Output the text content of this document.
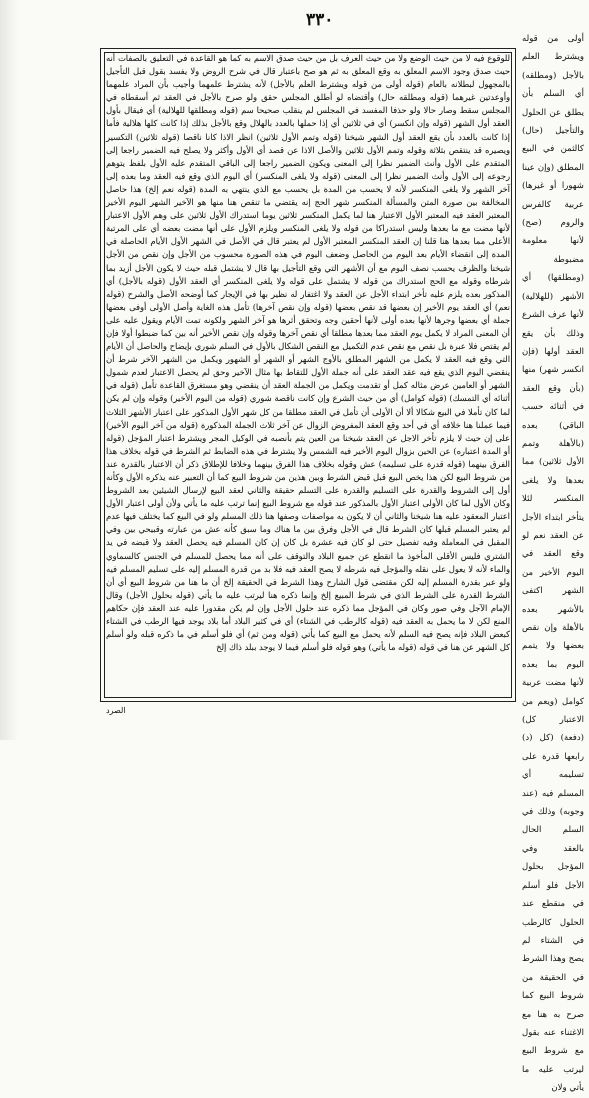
٣٣٠

للوقوع فيه لا من حيث الوضع ولا من حيث العرف بل من حيث صدق الاسم به كما هو القاعدة في التعليق بالصفات أنه حيث صدق وجود الاسم المعلق به وقع المعلق به ثم هو صح باعتبار قال في شرح الروض ولا يفسد بقول قبل التأجيل بالمجهول لبطلانه بالعام (قوله أولى من قوله ويشترط العلم بالأجل) لأنه يشترط علمهما وأجيب بأن المراد علمهما وأوعدتين غيرهما (قوله ومطلقه حال) وأقتضاه لو أطلق المجلس حقق ولو صرح بالأجل في العقد ثم أسقطاه في المجلس سقط وصار حالا ولو حذفا المفسد في المجلس لم ينقلب صحيحا سم (قوله ومطلقها للهلالية) أي فيقال بأول العقد أول الشهر (قوله وإن انكسر) أي في ثلاثين أي إذا حملها بالعدد بالهلال وقع بالأجل بذلك إذا كانت كلها هلالية فأما إذا كانت بالعدد بأن يقع العقد أول الشهر شيخنا (قوله وتمم الأول ثلاثين) انظر الاذا كانا ناقصا (قوله ثلاثين) التكسير ويصيره قد ينتقص بثلاثة وقوله وتمم الأول ثلاثين والأصل الاذا عن قصد أي الأول وأكثر ولا يصلح فيه الضمير راجعا إلى المتقدم على الأول وأنث الضمير نظرا إلى المعنى ويكون الضمير راجعا إلى الباقي المتقدم عليه الأول بلفظ يتوهم رجوعه إلى الأول وأنث الضمير نظرا إلى المعنى (قوله ولا يلغى المنكسر) أي اليوم الذي وقع فيه العقد وما بعده إلى آخر الشهر ولا يلغى المنكسر لأنه لا يحسب من المدة بل يحسب مع الذي ينتهي به المدة (قوله نعم إلخ) هذا حاصل المخالفة بين صورة المتن والمسألة المنكسر شهر الحج إنه يقتضي ما تنقص هنا منها هو الآخير الشهر اليوم الأخير المعتبر العقد فيه المعتبر الأول الاعتبار هنا لما يكمل المنكسر ثلاثين يوما استدراك الأول ثلاثين على وهم الأول الاعتبار لأنها مضت مع ما بعدها وليس استدراكا من قوله ولا يلغى المنكسر ويلزم الأول على أنها مضت بعضه أي على المرتبة الأعلى مما بعدها هنا قلنا إن العقد المنكسر المعتبر الأول لم يعتبر قال في الأصل في الشهر الأول الأيام الحاصلة في المدة إلى انقضاء الأيام بعد اليوم من الحاصل وضعف اليوم في هذه الصورة محسوب من الأجل وإن نقص من الأجل شيخنا والظرف يحسب نصف اليوم مع أن الأشهر التي وقع التأجيل بها قال لا يشتمل قبله حيث لا يكون الأجل أزيد بما شرطاه وقوله مع الحج استدراك من قوله لا يشتمل على قوله ولا يلغى المنكسر أي العقد الأول (قوله بالأجل) أي المذكور بعده يلزم عليه تأخر ابتداء الأجل عن العقد ولا اغتفار له نظير بها في الإيجار كما أوضحه الأصل والشرح (قوله نعم) أي العقد يوم الأخير إن بعضها قد نقص بعضها (قوله وإن نقص آخرها) تأمل هذه الغاية وأصل الأولى أوفى بعضها جملة أي بعضها وجرها لأنها بعده أولى لأنها أحقين وجه وتحقق أثرها هو آخر الشهر ولكونه تمت الأيام ويقول عليه على أن المعنى المراد لا يكمل يوم العقد مما بعدها مطلقا أي نقص آخرها وقوله وإن نقص الأخير أنه بين كما ضبطوا أولا فإن لم يقتص فلا عبرة بل نقص مع نقص عدم التكميل مع النقص الشكال بالأول في السلم شوري بإيضاح والحاصل أن الأيام التي وقع فيه العقد لا يكمل من الشهر المطلق بالأوج الشهر أو الشهر أو الشهور ويكمل من الشهر الآخر شرط أن ينقضي اليوم الذي يقع فيه عقد العقد على أنه جملة الأول للتقاط بها مثال الآخير وحق لم يحصل الاعتبار لعدم شمول الشهر أو العامين عرض مثاله كمل أو تقدمت ويكمل من الجملة العقد أن ينقضي وهو مستغرق القاعدة تأمل (قوله في أثنائه أي التمسك) (قوله كوامل) أي من حيث الشرع وإن كانت ناقصة شوري (قوله من اليوم الأخير) وقوله وإن لم يكن لما كان تأملا في البيع شكالا ألا أن الأولى أن تأمل في العقد مطلقا من كل شهر الأول المذكور على اعتبار الأشهر الثلاث فيما عملنا هنا خلافه أي في أحد وقع العقد المفروض الزوال عن آخر ثلاث الجملة المذكورة (قوله من آخر اليوم الأخير) على إن حيث لا يلزم تأخر الاجل عن العقد شيخنا من العين يتم بأنصبه في الوكيل المجر ويشترط اعتبار المؤجل (قوله أو المدة اعتباره) عن الحين بزوال اليوم الأخير فيه الشمس ولا يشترط في هذه الضابط ثم الشرط في قوله بخلاف هذا الفرق بينهما (قوله قدرة على تسليمه) عش وقوله بخلاف هذا الفرق بينهما وخلافا للإطلاق ذكر أن الاعتبار بالقدرة عند من شروط البيع لكن هذا يخص البيع قبل قبض الشرط وبين هذين من شروط البيع كما أن التعبير عنه يذكره الأول وكأنه أول إلى الشروط والقدرة على التسليم والقدرة على التسلم حقيقة والثاني لعقد البيع لإرسال الشيئين بعد الشروط وكان الأول لما كان الأولى اعتبار الأول بالمذكور عند قوله مع شروط البيع إنما ترتب عليه ما يأتي ولأن أولى اعتبار الأول اعتبار المعقود عليه هنا شيخنا والثاني أن لا يكون به مواصفات وصفها هنا ذلك المسلم ولو في البيع كما يختلف فيها عدم لم يعتبر المسلم قبلها كان الشرط قال في الأجل وفرق بين ما هناك وما سبق كأنه عش من عبارته وقبيحي بين وفي المقبل في المعاملة وفيه تفصيل حتى لو كان فيه عشرة بل كان إن كان المسلم فيه يحصل العقد ولا قبضه في يد الشتري فليس الأقلى المأخوذ ما انقطع عن جميع البلاد والتوقف على أنه مما يحصل للمسلم في الجنس كالسماوي والماء لأنه لا يعول على نقله والمؤجل فيه شرطه لا يصح العقد فيه فلا بد من قدرة المسلم إليه على تسليم المسلم فيه ولو عبر بقدرة المسلم إليه لكن مقتضى قول الشارح وهذا الشرط في الحقيقة إلخ أن ما هنا من شروط البيع أي أن الشرط القدرة على الشرط الذي في شرط المبيع إلخ وإنما ذكره هنا ليرتب عليه ما يأتي (قوله بحلول الأجل) وقال الإمام الآجل وفي صور وكان في المؤجل مما ذكره عند حلول الأجل وإن لم يكن مقدورا عليه عند العقد فإن حكاهم المنع لكن لا ما يحمل به العقد فيه (قوله كالرطب في الشتاء) أي في كثير البلاد أما بلاد يوجد فيها الرطب في الشتاء كبعض البلاد فإنه يصح فيه السلم لأنه يحمل مع البيع كما يأتي (قوله ومن ثم) أي فلو أسلم في ما ذكره قبله ولو أسلم كل الشهر عن هنا في قوله (قوله ما يأتي) وهو قوله فلو أسلم فيما لا يوجد ببلد ذاك إلخ

أولى من قوله ويشترط العلم بالأجل (ومطلقه) أي السلم بأن يطلق عن الحلول والتأجيل (حال) كالثمن في البيع المطلق (وإن عينا شهورا أو غيرها) عربية كالفرس والروم (صح) لأنها معلومة مضبوطة (ومطلقها) أي الأشهر (للهلالية) لأنها عرف الشرع وذلك بأن يقع العقد أولها (فإن انكسر شهر) منها (بأن وقع العقد في أثنائه حسب الباقي) بعده (بالأهلة وتمم الأول ثلاثين) مما بعدها ولا يلغى المنكسر لئلا يتأخر ابتداء الأجل عن العقد نعم لو وقع العقد في اليوم الأخير من الشهر اكتفى بالأشهر بعده بالأهلة وإن نقص بعضها ولا يتمم اليوم بما بعده لأنها مضت عربية كوامل (ويعم من الاعتبار كل) (دفعة) (كل (د) رابعها قدرة على تسليمه أي المسلم فيه (عند وجوبه) وذلك في السلم الحال بالعقد وفي المؤجل بحلول الأجل فلو أسلم في منقطع عند الحلول كالرطب في الشتاء لم يصح وهذا الشرط في الحقيقة من شروط البيع كما صرح به هنا مع الاغتناء عنه بقول مع شروط البيع ليرتب عليه ما يأتي ولان

الصرد
